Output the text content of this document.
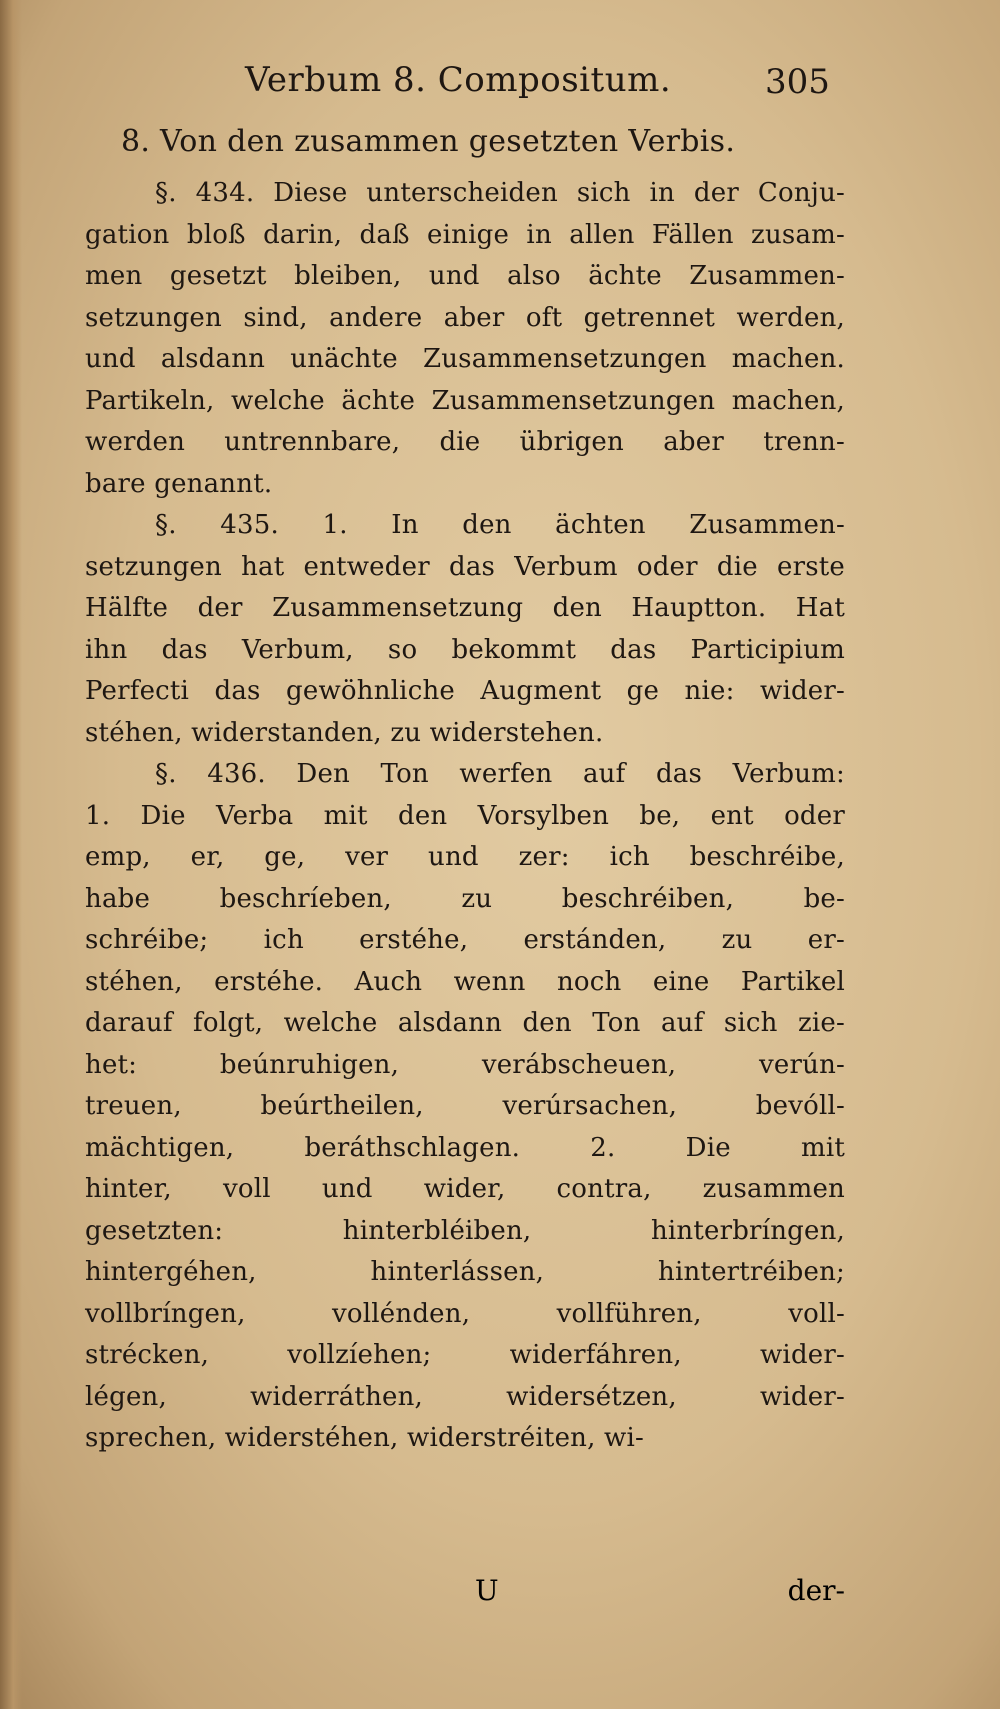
Verbum 8. Compositum.	305
8. Von den zusammen gesetzten Verbis.
§. 434. Diese unterscheiden sich in der Conju-
gation bloß darin, daß einige in allen Fällen zusam-
men gesetzt bleiben, und also ächte Zusammen-
setzungen sind, andere aber oft getrennet werden,
und alsdann unächte Zusammensetzungen machen.
Partikeln, welche ächte Zusammensetzungen machen,
werden untrennbare, die übrigen aber trenn-
bare genannt.
§. 435. 1. In den ächten Zusammen-
setzungen hat entweder das Verbum oder die erste
Hälfte der Zusammensetzung den Hauptton. Hat
ihn das Verbum, so bekommt das Participium
Perfecti das gewöhnliche Augment ge nie: wider-
stéhen, widerstanden, zu widerstehen.
§. 436. Den Ton werfen auf das Verbum:
1. Die Verba mit den Vorsylben be, ent oder
emp, er, ge, ver und zer: ich beschréibe,
habe beschríeben, zu beschréiben, be-
schréibe; ich erstéhe, erstánden, zu er-
stéhen, erstéhe. Auch wenn noch eine Partikel
darauf folgt, welche alsdann den Ton auf sich zie-
het: beúnruhigen, verábscheuen, verún-
treuen, beúrtheilen, verúrsachen, bevóll-
mächtigen, beráthschlagen. 2. Die mit
hinter, voll und wider, contra, zusammen
gesetzten: hinterbléiben, hinterbríngen,
hintergéhen, hinterlássen, hintertréiben;
vollbríngen, vollénden, vollführen, voll-
strécken, vollzíehen; widerfáhren, wider-
légen, widerráthen, widersétzen, wider-
sprechen, widerstéhen, widerstréiten, wi-
U	der-
